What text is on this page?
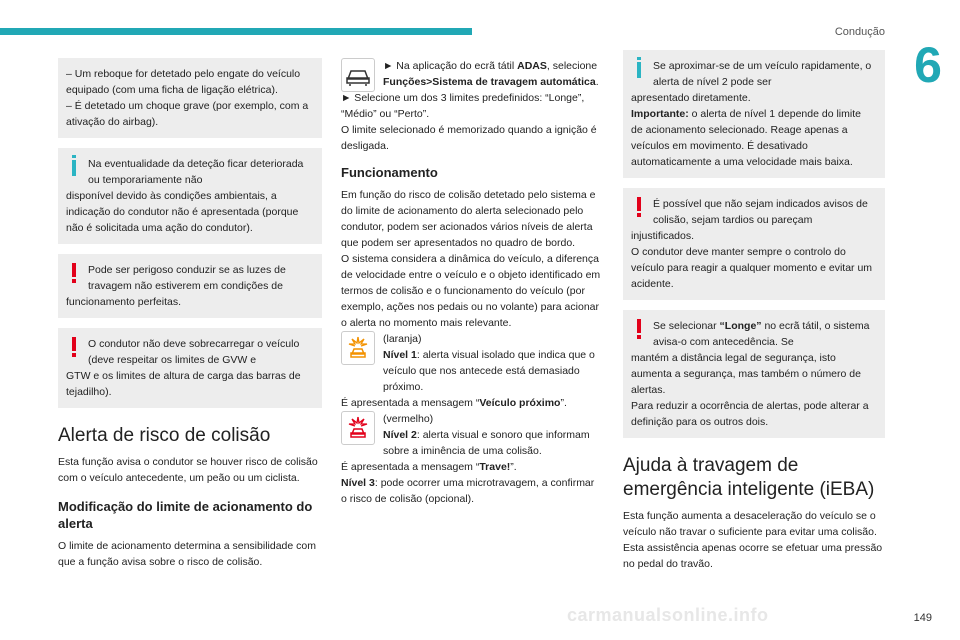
Condução
6

– Um reboque for detetado pelo engate do veículo equipado (com uma ficha de ligação elétrica).

– É detetado um choque grave (por exemplo, com a ativação do airbag).

Na eventualidade da deteção ficar deteriorada ou temporariamente não

disponível devido às condições ambientais, a indicação do condutor não é apresentada (porque não é solicitada uma ação do condutor).

Pode ser perigoso conduzir se as luzes de travagem não estiverem em condições de

funcionamento perfeitas.

O condutor não deve sobrecarregar o veículo (deve respeitar os limites de GVW e

GTW e os limites de altura de carga das barras de tejadilho).

Alerta de risco de colisão

Esta função avisa o condutor se houver risco de colisão com o veículo antecedente, um peão ou um ciclista.

Modificação do limite de acionamento do alerta

O limite de acionamento determina a sensibilidade com que a função avisa sobre o risco de colisão.

► Na aplicação do ecrã tátil ADAS, selecione Funções>Sistema de travagem automática.

► Selecione um dos 3 limites predefinidos: “Longe”, “Médio” ou “Perto”.

O limite selecionado é memorizado quando a ignição é desligada.

Funcionamento

Em função do risco de colisão detetado pelo sistema e do limite de acionamento do alerta selecionado pelo condutor, podem ser acionados vários níveis de alerta que podem ser apresentados no quadro de bordo.

O sistema considera a dinâmica do veículo, a diferença de velocidade entre o veículo e o objeto identificado em termos de colisão e o funcionamento do veículo (por exemplo, ações nos pedais ou no volante) para acionar o alerta no momento mais relevante.

(laranja)

Nível 1: alerta visual isolado que indica que o veículo que nos antecede está demasiado próximo.

É apresentada a mensagem “Veículo próximo”.

(vermelho)

Nível 2: alerta visual e sonoro que informam sobre a iminência de uma colisão.

É apresentada a mensagem “Trave!”.

Nível 3: pode ocorrer uma microtravagem, a confirmar o risco de colisão (opcional).

Se aproximar-se de um veículo rapidamente, o alerta de nível 2 pode ser

apresentado diretamente.

Importante: o alerta de nível 1 depende do limite de acionamento selecionado. Reage apenas a veículos em movimento. É desativado automaticamente a uma velocidade mais baixa.

É possível que não sejam indicados avisos de colisão, sejam tardios ou pareçam

injustificados.

O condutor deve manter sempre o controlo do veículo para reagir a qualquer momento e evitar um acidente.

Se selecionar “Longe” no ecrã tátil, o sistema avisa-o com antecedência. Se

mantém a distância legal de segurança, isto aumenta a segurança, mas também o número de alertas.

Para reduzir a ocorrência de alertas, pode alterar a definição para os outros dois.

Ajuda à travagem de emergência inteligente (iEBA)

Esta função aumenta a desaceleração do veículo se o veículo não travar o suficiente para evitar uma colisão.

Esta assistência apenas ocorre se efetuar uma pressão no pedal do travão.

carmanualsonline.info	149
